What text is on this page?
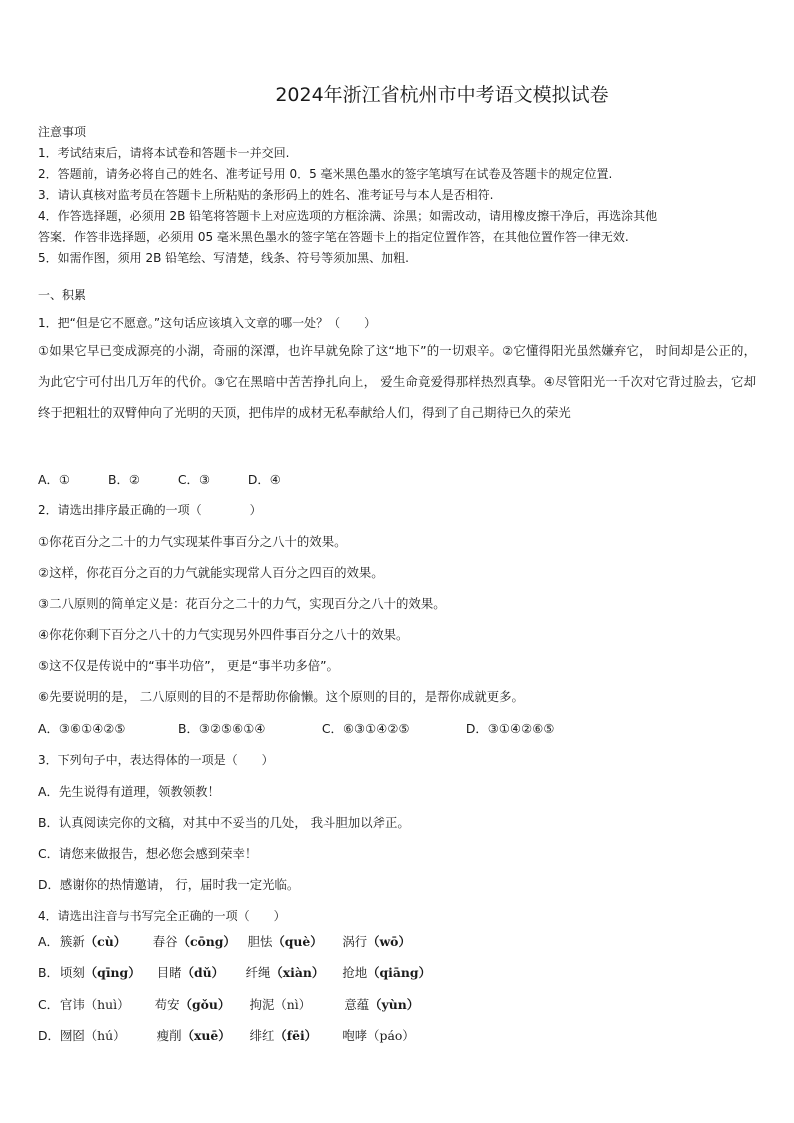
2024年浙江省杭州市中考语文模拟试卷

注意事项

1．考试结束后，请将本试卷和答题卡一并交回.

2．答题前，请务必将自己的姓名、准考证号用 0．5 毫米黑色墨水的签字笔填写在试卷及答题卡的规定位置.

3．请认真核对监考员在答题卡上所粘贴的条形码上的姓名、准考证号与本人是否相符.

4．作答选择题，必须用 2B 铅笔将答题卡上对应选项的方框涂满、涂黑；如需改动，请用橡皮擦干净后，再选涂其他

答案．作答非选择题，必须用 05 毫米黑色墨水的签字笔在答题卡上的指定位置作答，在其他位置作答一律无效.

5．如需作图，须用 2B 铅笔绘、写清楚，线条、符号等须加黑、加粗.

一、积累

1．把“但是它不愿意。”这句话应该填入文章的哪一处？（　　）

①如果它早已变成源亮的小湖，奇丽的深潭，也许早就免除了这“地下”的一切艰辛。②它懂得阳光虽然嫌弃它， 时间却是公正的， 为此它宁可付出几万年的代价。③它在黑暗中苦苦挣扎向上， 爱生命竟爱得那样热烈真挚。④尽管阳光一千次对它背过脸去，它却终于把粗壮的双臂伸向了光明的天顶，把伟岸的成材无私奉献给人们，得到了自己期待已久的荣光

A．①	B．②	C．③	D．④
2．请选出排序最正确的一项（　　　　）
①你花百分之二十的力气实现某件事百分之八十的效果。
②这样，你花百分之百的力气就能实现常人百分之四百的效果。
③二八原则的简单定义是：花百分之二十的力气，实现百分之八十的效果。
④你花你剩下百分之八十的力气实现另外四件事百分之八十的效果。
⑤这不仅是传说中的“事半功倍”， 更是“事半功多倍”。
⑥先要说明的是， 二八原则的目的不是帮助你偷懒。这个原则的目的，是帮你成就更多。
A．③⑥①④②⑤	B．③②⑤⑥①④	C．⑥③①④②⑤	D．③①④②⑥⑤
3．下列句子中，表达得体的一项是（　　）
A．先生说得有道理，领教领教！
B．认真阅读完你的文稿，对其中不妥当的几处， 我斗胆加以斧正。
C．请您来做报告，想必您会感到荣幸！
D．感谢你的热情邀请， 行，届时我一定光临。
4．请选出注音与书写完全正确的一项（　　）
A．簇新（cù） 春谷（cōng） 胆怯（què） 涡行（wō）
B．顷刻（qīng） 目睹（dǔ） 纤绳（xiàn） 抢地（qiāng）
C．官讳（huì） 苟安（gǒu） 拘泥（nì）	意蕴（yùn）
D．囫囵（hú）	瘦削（xuē） 绯红（fēi） 咆哮（páo）
